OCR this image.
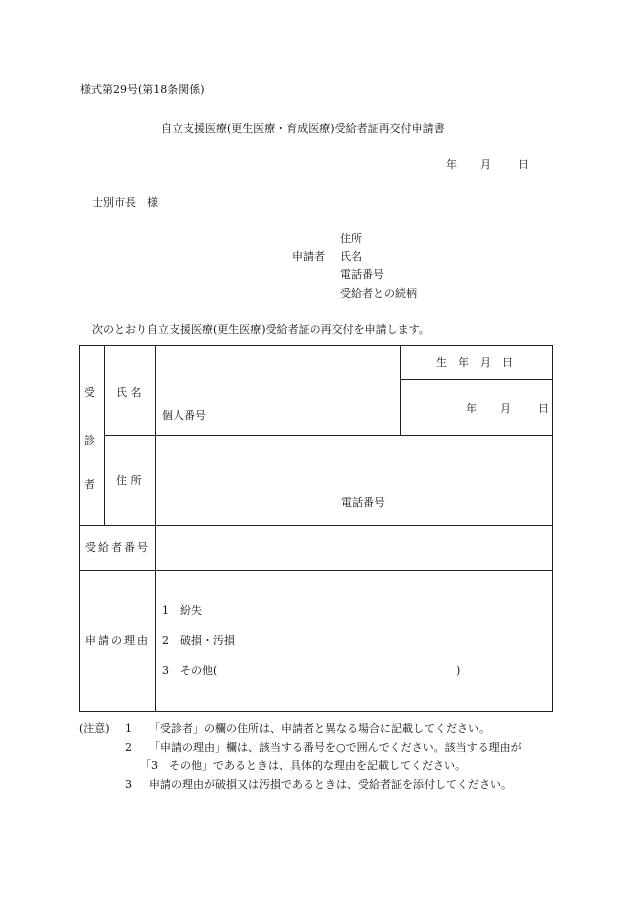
様式第29号(第18条関係)
自立支援医療(更生医療・育成医療)受給者証再交付申請書
年 月 日
士別市長　様
申請者
住所
氏名
電話番号
受給者との続柄
次のとおり自立支援医療(更生医療)受給者証の再交付を申請します。
受
診
者
氏 名
個人番号
生　年　月　日
年 月 日
住 所
電話番号
受給者番号
申請の理由
1　紛失
2　破損・汚損
3　その他(	)
(注意) 1 「受診者」の欄の住所は、申請者と異なる場合に記載してください。
2 「申請の理由」欄は、該当する番号を○で囲んでください。該当する理由が
「3　その他」であるときは、具体的な理由を記載してください。
3 申請の理由が破損又は汚損であるときは、受給者証を添付してください。
